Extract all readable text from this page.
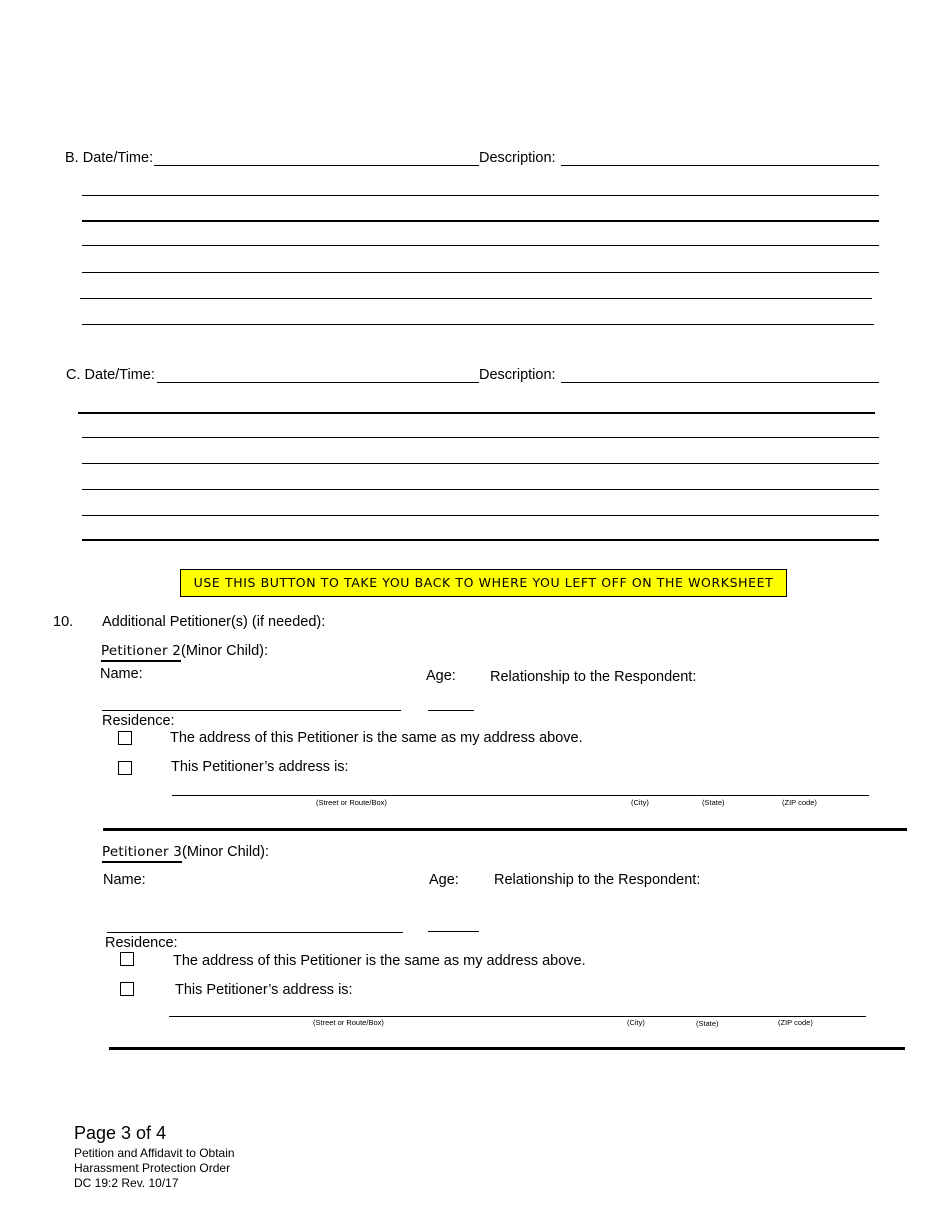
B. Date/Time:	Description:
C. Date/Time:	Description:
USE THIS BUTTON TO TAKE YOU BACK TO WHERE YOU LEFT OFF ON THE WORKSHEET
10. Additional Petitioner(s) (if needed):
Petitioner 2(Minor Child):
Name:	Age: Relationship to the Respondent:
Residence:
The address of this Petitioner is the same as my address above.
This Petitioner’s address is:
(Street or Route/Box)	(City)	(State)	(ZIP code)
Petitioner 3(Minor Child):
Name:	Age: Relationship to the Respondent:
Residence:
The address of this Petitioner is the same as my address above.
This Petitioner’s address is:
(Street or Route/Box)	(City)	(State)	(ZIP code)
Page 3 of 4
Petition and Affidavit to Obtain
Harassment Protection Order
DC 19:2 Rev. 10/17
